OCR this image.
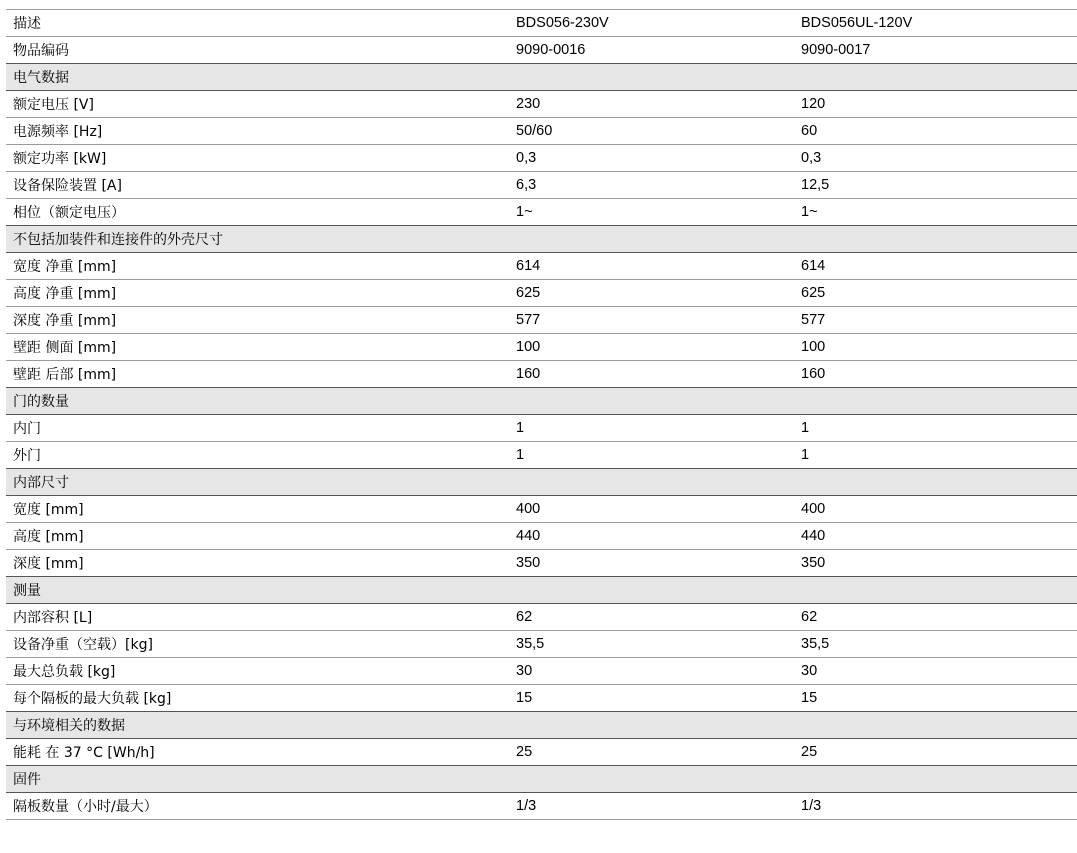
描述	BDS056-230V	BDS056UL-120V
物品编码	9090-0016	9090-0017
电气数据		
额定电压 [V]	230	120
电源频率 [Hz]	50/60	60
额定功率 [kW]	0,3	0,3
设备保险装置 [A]	6,3	12,5
相位（额定电压）	1~	1~
不包括加装件和连接件的外壳尺寸		
宽度 净重 [mm]	614	614
高度 净重 [mm]	625	625
深度 净重 [mm]	577	577
壁距 侧面 [mm]	100	100
壁距 后部 [mm]	160	160
门的数量		
内门	1	1
外门	1	1
内部尺寸		
宽度 [mm]	400	400
高度 [mm]	440	440
深度 [mm]	350	350
测量		
内部容积 [L]	62	62
设备净重（空载）[kg]	35,5	35,5
最大总负载 [kg]	30	30
每个隔板的最大负载 [kg]	15	15
与环境相关的数据		
能耗 在 37 °C [Wh/h]	25	25
固件		
隔板数量（小时/最大）	1/3	1/3
